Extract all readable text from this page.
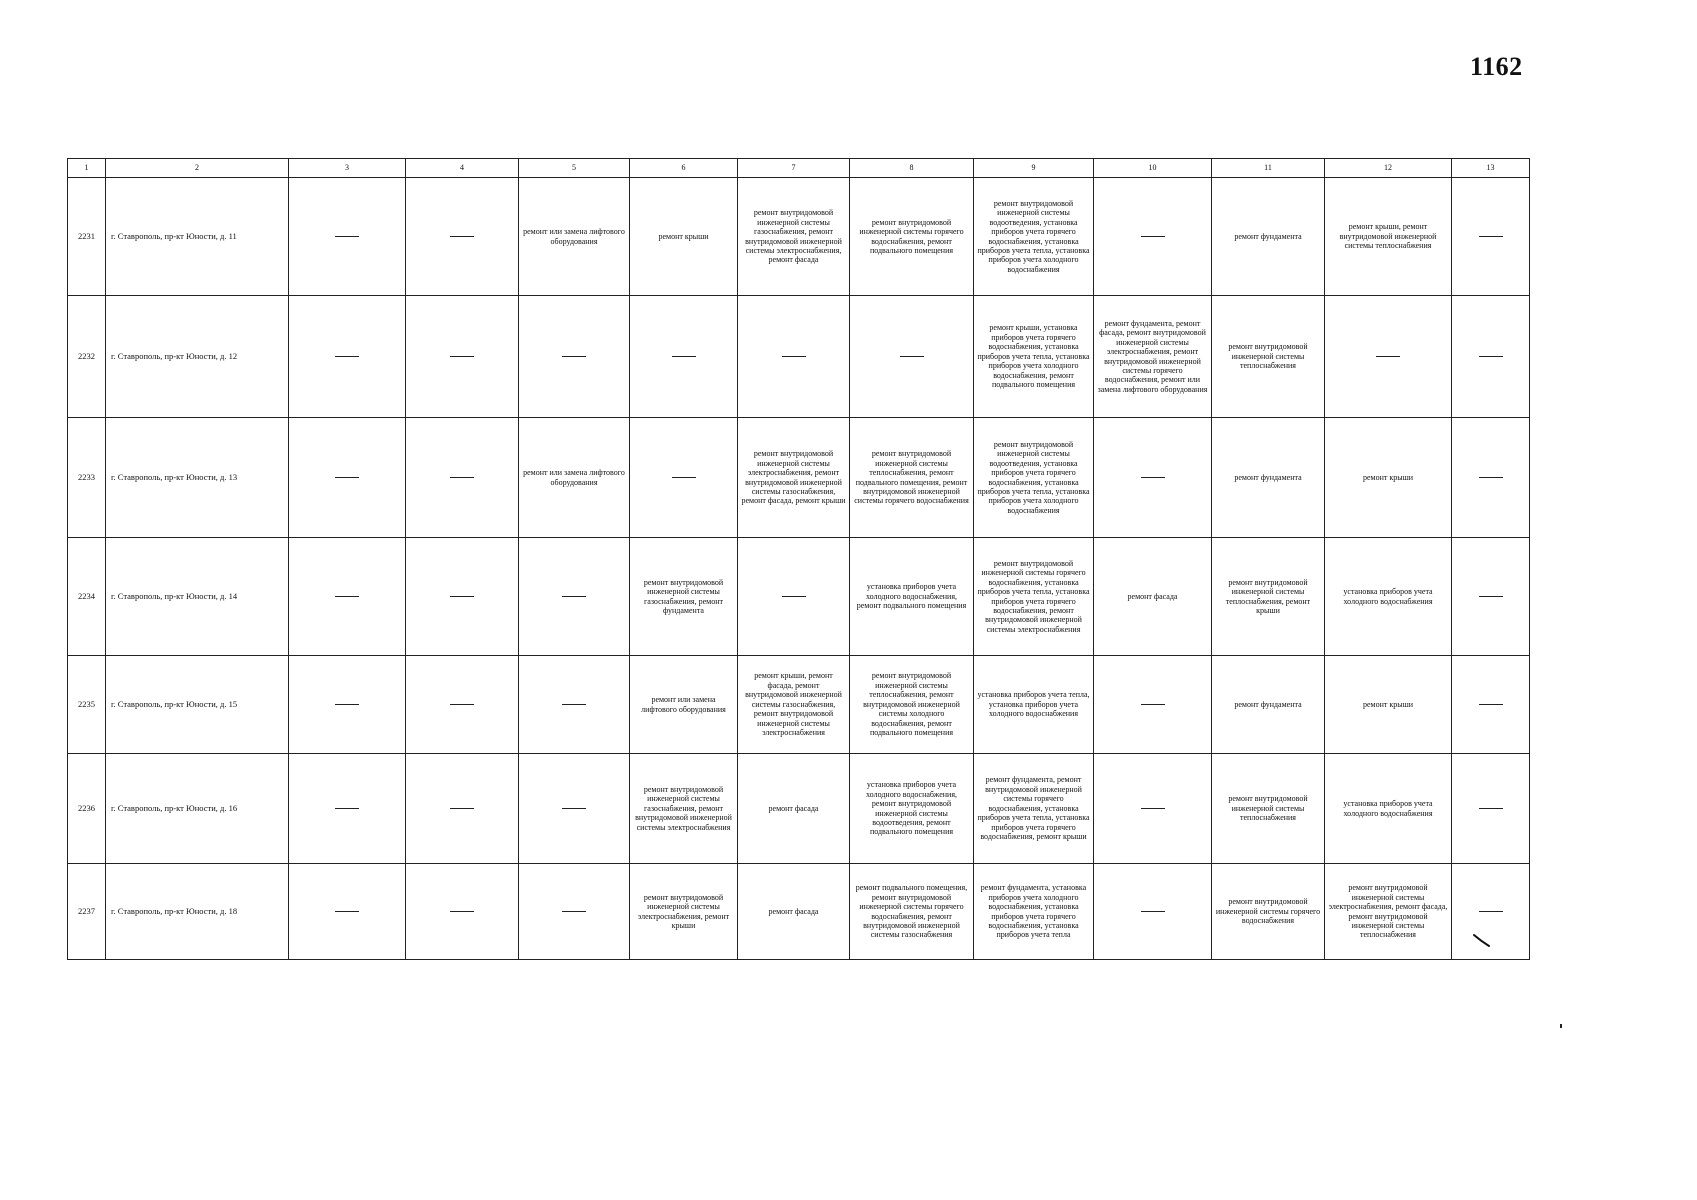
1162
1	2	3	4	5	6	7	8	9	10	11	12	13
2231	г. Ставрополь, пр-кт Юности, д. 11			ремонт или замена лифтового оборудования	ремонт крыши	ремонт внутридомовой инженерной системы газоснабжения, ремонт внутридомовой инженерной системы электроснабжения, ремонт фасада	ремонт внутридомовой инженерной системы горячего водоснабжения, ремонт подвального помещения	ремонт внутридомовой инженерной системы водоотведения, установка приборов учета горячего водоснабжения, установка приборов учета тепла, установка приборов учета холодного водоснабжения		ремонт фундамента	ремонт крыши, ремонт внутридомовой инженерной системы теплоснабжения	
2232	г. Ставрополь, пр-кт Юности, д. 12							ремонт крыши, установка приборов учета горячего водоснабжения, установка приборов учета тепла, установка приборов учета холодного водоснабжения, ремонт подвального помещения	ремонт фундамента, ремонт фасада, ремонт внутридомовой инженерной системы электроснабжения, ремонт внутридомовой инженерной системы горячего водоснабжения, ремонт или замена лифтового оборудования	ремонт внутридомовой инженерной системы теплоснабжения		
2233	г. Ставрополь, пр-кт Юности, д. 13			ремонт или замена лифтового оборудования		ремонт внутридомовой инженерной системы электроснабжения, ремонт внутридомовой инженерной системы газоснабжения, ремонт фасада, ремонт крыши	ремонт внутридомовой инженерной системы теплоснабжения, ремонт подвального помещения, ремонт внутридомовой инженерной системы горячего водоснабжения	ремонт внутридомовой инженерной системы водоотведения, установка приборов учета горячего водоснабжения, установка приборов учета тепла, установка приборов учета холодного водоснабжения		ремонт фундамента	ремонт крыши	
2234	г. Ставрополь, пр-кт Юности, д. 14				ремонт внутридомовой инженерной системы газоснабжения, ремонт фундамента		установка приборов учета холодного водоснабжения, ремонт подвального помещения	ремонт внутридомовой инженерной системы горячего водоснабжения, установка приборов учета тепла, установка приборов учета горячего водоснабжения, ремонт внутридомовой инженерной системы электроснабжения	ремонт фасада	ремонт внутридомовой инженерной системы теплоснабжения, ремонт крыши	установка приборов учета холодного водоснабжения	
2235	г. Ставрополь, пр-кт Юности, д. 15				ремонт или замена лифтового оборудования	ремонт крыши, ремонт фасада, ремонт внутридомовой инженерной системы газоснабжения, ремонт внутридомовой инженерной системы электроснабжения	ремонт внутридомовой инженерной системы теплоснабжения, ремонт внутридомовой инженерной системы холодного водоснабжения, ремонт подвального помещения	установка приборов учета тепла, установка приборов учета холодного водоснабжения		ремонт фундамента	ремонт крыши	
2236	г. Ставрополь, пр-кт Юности, д. 16				ремонт внутридомовой инженерной системы газоснабжения, ремонт внутридомовой инженерной системы электроснабжения	ремонт фасада	установка приборов учета холодного водоснабжения, ремонт внутридомовой инженерной системы водоотведения, ремонт подвального помещения	ремонт фундамента, ремонт внутридомовой инженерной системы горячего водоснабжения, установка приборов учета тепла, установка приборов учета горячего водоснабжения, ремонт крыши		ремонт внутридомовой инженерной системы теплоснабжения	установка приборов учета холодного водоснабжения	
2237	г. Ставрополь, пр-кт Юности, д. 18				ремонт внутридомовой инженерной системы электроснабжения, ремонт крыши	ремонт фасада	ремонт подвального помещения, ремонт внутридомовой инженерной системы горячего водоснабжения, ремонт внутридомовой инженерной системы газоснабжения	ремонт фундамента, установка приборов учета холодного водоснабжения, установка приборов учета горячего водоснабжения, установка приборов учета тепла		ремонт внутридомовой инженерной системы горячего водоснабжения	ремонт внутридомовой инженерной системы электроснабжения, ремонт фасада, ремонт внутридомовой инженерной системы теплоснабжения	
